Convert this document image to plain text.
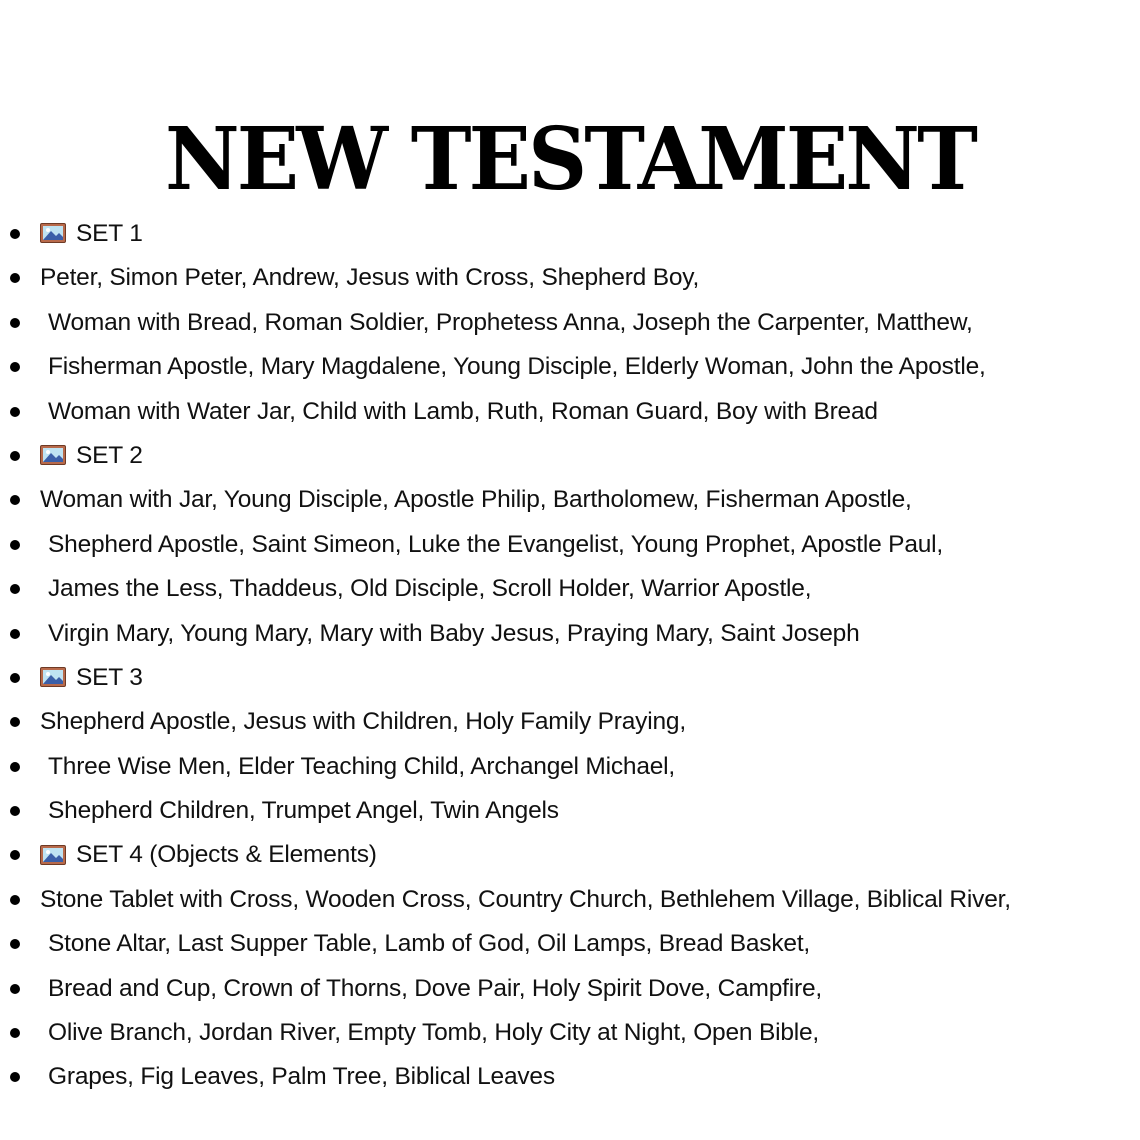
NEW TESTAMENT
SET 1
Peter, Simon Peter, Andrew, Jesus with Cross, Shepherd Boy,
Woman with Bread, Roman Soldier, Prophetess Anna, Joseph the Carpenter, Matthew,
Fisherman Apostle, Mary Magdalene, Young Disciple, Elderly Woman, John the Apostle,
Woman with Water Jar, Child with Lamb, Ruth, Roman Guard, Boy with Bread
SET 2
Woman with Jar, Young Disciple, Apostle Philip, Bartholomew, Fisherman Apostle,
Shepherd Apostle, Saint Simeon, Luke the Evangelist, Young Prophet, Apostle Paul,
James the Less, Thaddeus, Old Disciple, Scroll Holder, Warrior Apostle,
Virgin Mary, Young Mary, Mary with Baby Jesus, Praying Mary, Saint Joseph
SET 3
Shepherd Apostle, Jesus with Children, Holy Family Praying,
Three Wise Men, Elder Teaching Child, Archangel Michael,
Shepherd Children, Trumpet Angel, Twin Angels
SET 4 (Objects & Elements)
Stone Tablet with Cross, Wooden Cross, Country Church, Bethlehem Village, Biblical River,
Stone Altar, Last Supper Table, Lamb of God, Oil Lamps, Bread Basket,
Bread and Cup, Crown of Thorns, Dove Pair, Holy Spirit Dove, Campfire,
Olive Branch, Jordan River, Empty Tomb, Holy City at Night, Open Bible,
Grapes, Fig Leaves, Palm Tree, Biblical Leaves
